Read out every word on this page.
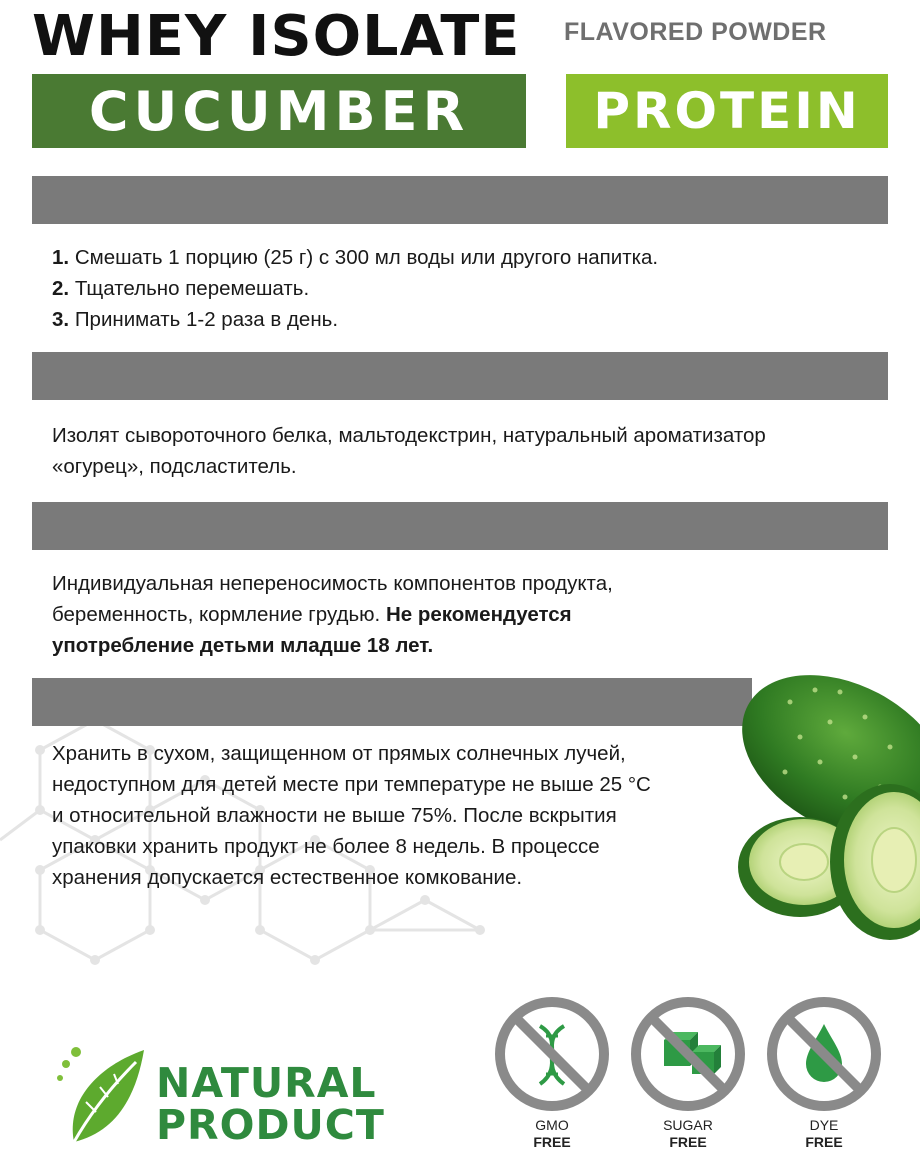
WHEY ISOLATE FLAVORED POWDER
CUCUMBER PROTEIN
1. Смешать 1 порцию (25 г) с 300 мл воды или другого напитка.
2. Тщательно перемешать.
3. Принимать 1-2 раза в день.
Изолят сывороточного белка, мальтодекстрин, натуральный ароматизатор
«огурец», подсластитель.
Индивидуальная непереносимость компонентов продукта,
беременность, кормление грудью. Не рекомендуется
употребление детьми младше 18 лет.
Хранить в сухом, защищенном от прямых солнечных лучей,
недоступном для детей месте при температуре не выше 25 °C
и относительной влажности не выше 75%. После вскрытия
упаковки хранить продукт не более 8 недель. В процессе
хранения допускается естественное комкование.
NATURAL
PRODUCT	GMO
FREE
SUGAR
FREE
DYE
FREE
